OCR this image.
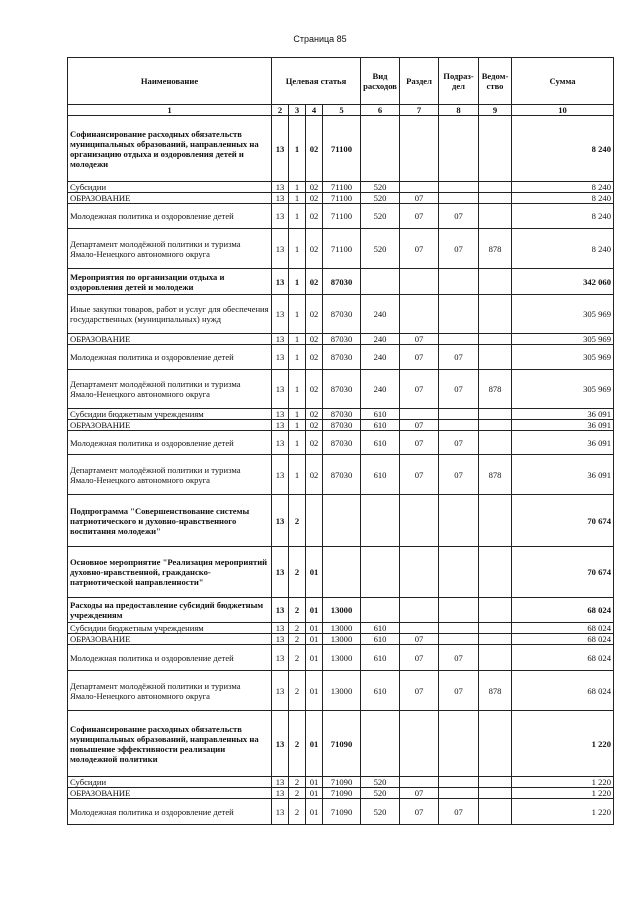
Страница 85
Наименование	Целевая статья				Вид расходов	Раздел	Подраз-дел	Ведом-ство	Сумма
1	2	3	4	5	6	7	8	9	10
Софинансирование расходных обязательств муниципальных образований, направленных на организацию отдыха и оздоровления детей и молодежи	13	1	02	71100					8 240
Субсидии	13	1	02	71100	520				8 240
ОБРАЗОВАНИЕ	13	1	02	71100	520	07			8 240
Молодежная политика и оздоровление детей	13	1	02	71100	520	07	07		8 240
Департамент молодёжной политики и туризма Ямало-Ненецкого автономного округа	13	1	02	71100	520	07	07	878	8 240
Мероприятия по организации отдыха и оздоровления детей и молодежи	13	1	02	87030					342 060
Иные закупки товаров, работ и услуг для обеспечения государственных (муниципальных) нужд	13	1	02	87030	240				305 969
ОБРАЗОВАНИЕ	13	1	02	87030	240	07			305 969
Молодежная политика и оздоровление детей	13	1	02	87030	240	07	07		305 969
Департамент молодёжной политики и туризма Ямало-Ненецкого автономного округа	13	1	02	87030	240	07	07	878	305 969
Субсидии бюджетным учреждениям	13	1	02	87030	610				36 091
ОБРАЗОВАНИЕ	13	1	02	87030	610	07			36 091
Молодежная политика и оздоровление детей	13	1	02	87030	610	07	07		36 091
Департамент молодёжной политики и туризма Ямало-Ненецкого автономного округа	13	1	02	87030	610	07	07	878	36 091
Подпрограмма "Совершенствование системы патриотического и духовно-нравственного воспитания молодежи"	13	2							70 674
Основное мероприятие "Реализация мероприятий духовно-нравственной, гражданско-патриотической направленности"	13	2	01						70 674
Расходы на предоставление субсидий бюджетным учреждениям	13	2	01	13000					68 024
Субсидии бюджетным учреждениям	13	2	01	13000	610				68 024
ОБРАЗОВАНИЕ	13	2	01	13000	610	07			68 024
Молодежная политика и оздоровление детей	13	2	01	13000	610	07	07		68 024
Департамент молодёжной политики и туризма Ямало-Ненецкого автономного округа	13	2	01	13000	610	07	07	878	68 024
Софинансирование расходных обязательств муниципальных образований, направленных на повышение эффективности реализации молодежной политики	13	2	01	71090					1 220
Субсидии	13	2	01	71090	520				1 220
ОБРАЗОВАНИЕ	13	2	01	71090	520	07			1 220
Молодежная политика и оздоровление детей	13	2	01	71090	520	07	07		1 220
